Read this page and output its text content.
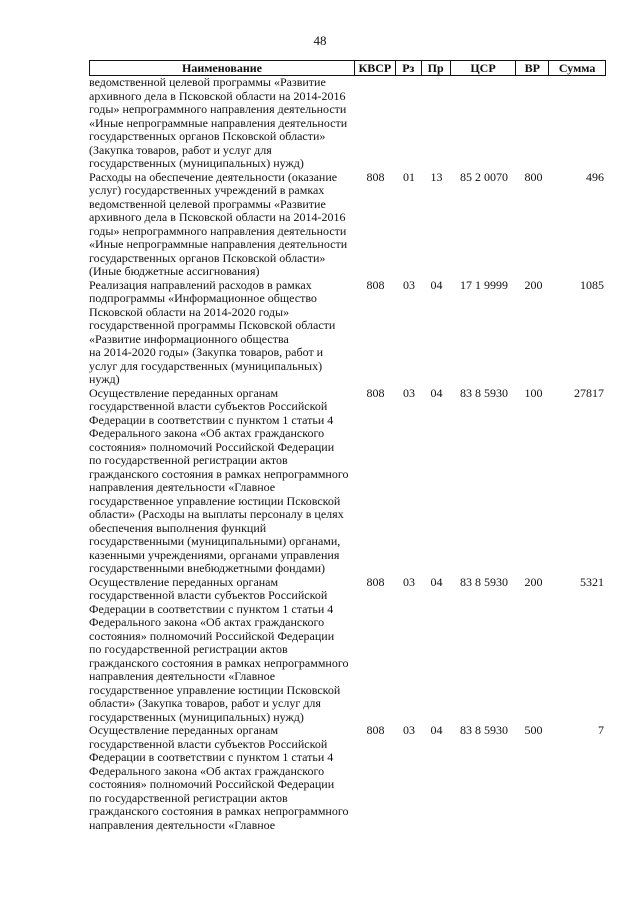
48
Наименование	КВСР Рз	Пр	ЦСР	ВР	Сумма
ведомственной целевой программы «Развитие
архивного дела в Псковской области на 2014-2016
годы» непрограммного направления деятельности
«Иные непрограммные направления деятельности
государственных органов Псковской области»
(Закупка товаров, работ и услуг для
государственных (муниципальных) нужд)
Расходы на обеспечение деятельности (оказание
услуг) государственных учреждений в рамках
ведомственной целевой программы «Развитие
архивного дела в Псковской области на 2014-2016
годы» непрограммного направления деятельности
«Иные непрограммные направления деятельности
государственных органов Псковской области»
(Иные бюджетные ассигнования)
808	01	13	85 2 0070	800	496
Реализация направлений расходов в рамках
подпрограммы «Информационное общество
Псковской области на 2014-2020 годы»
государственной программы Псковской области
«Развитие информационного общества
на 2014-2020 годы» (Закупка товаров, работ и
услуг для государственных (муниципальных)
нужд)
808	03	04	17 1 9999	200	1085
Осуществление переданных органам
государственной власти субъектов Российской
Федерации в соответствии с пунктом 1 статьи 4
Федерального закона «Об актах гражданского
состояния» полномочий Российской Федерации
по государственной регистрации актов
гражданского состояния в рамках непрограммного
направления деятельности «Главное
государственное управление юстиции Псковской
области» (Расходы на выплаты персоналу в целях
обеспечения выполнения функций
государственными (муниципальными) органами,
казенными учреждениями, органами управления
государственными внебюджетными фондами)
808	03	04	83 8 5930	100	27817
Осуществление переданных органам
государственной власти субъектов Российской
Федерации в соответствии с пунктом 1 статьи 4
Федерального закона «Об актах гражданского
состояния» полномочий Российской Федерации
по государственной регистрации актов
гражданского состояния в рамках непрограммного
направления деятельности «Главное
государственное управление юстиции Псковской
области» (Закупка товаров, работ и услуг для
государственных (муниципальных) нужд)
808	03	04	83 8 5930	200	5321
Осуществление переданных органам
государственной власти субъектов Российской
Федерации в соответствии с пунктом 1 статьи 4
Федерального закона «Об актах гражданского
состояния» полномочий Российской Федерации
по государственной регистрации актов
гражданского состояния в рамках непрограммного
направления деятельности «Главное
808	03	04	83 8 5930	500	7
